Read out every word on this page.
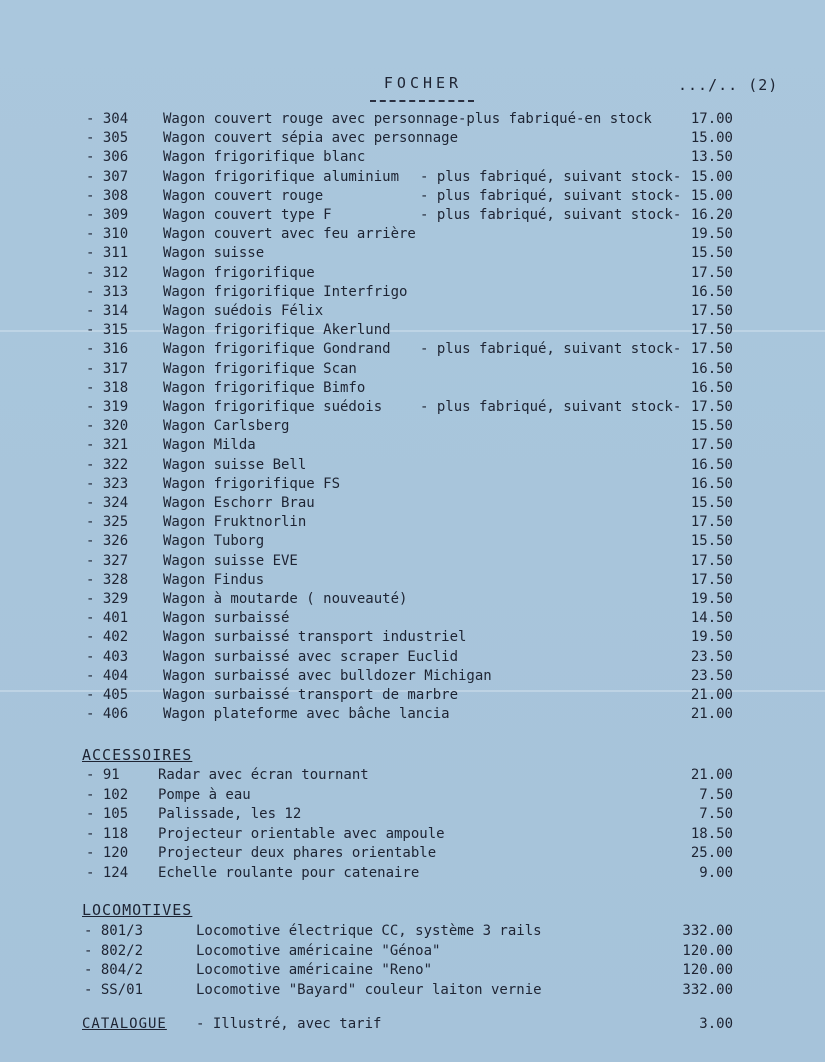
FOCHER	.../.. (2)
- 304 Wagon couvert rouge avec personnage-plus fabriqué-en stock	17.00
- 305 Wagon couvert sépia avec personnage	15.00
- 306 Wagon frigorifique blanc	13.50
- 307 Wagon frigorifique aluminium - plus fabriqué, suivant stock- 15.00
- 308 Wagon couvert rouge	- plus fabriqué, suivant stock- 15.00
- 309 Wagon couvert type F	- plus fabriqué, suivant stock- 16.20
- 310 Wagon couvert avec feu arrière	19.50
- 311 Wagon suisse	15.50
- 312 Wagon frigorifique	17.50
- 313 Wagon frigorifique Interfrigo	16.50
- 314 Wagon suédois Félix	17.50
- 315 Wagon frigorifique Akerlund	17.50
- 316 Wagon frigorifique Gondrand - plus fabriqué, suivant stock- 17.50
- 317 Wagon frigorifique Scan	16.50
- 318 Wagon frigorifique Bimfo	16.50
- 319 Wagon frigorifique suédois	- plus fabriqué, suivant stock- 17.50
- 320 Wagon Carlsberg	15.50
- 321 Wagon Milda	17.50
- 322 Wagon suisse Bell	16.50
- 323 Wagon frigorifique FS	16.50
- 324 Wagon Eschorr Brau	15.50
- 325 Wagon Fruktnorlin	17.50
- 326 Wagon Tuborg	15.50
- 327 Wagon suisse EVE	17.50
- 328 Wagon Findus	17.50
- 329 Wagon à moutarde ( nouveauté)	19.50
- 401 Wagon surbaissé	14.50
- 402 Wagon surbaissé transport industriel	19.50
- 403 Wagon surbaissé avec scraper Euclid	23.50
- 404 Wagon surbaissé avec bulldozer Michigan	23.50
- 405 Wagon surbaissé transport de marbre	21.00
- 406 Wagon plateforme avec bâche lancia	21.00
ACCESSOIRES
- 91	Radar avec écran tournant	21.00
- 102 Pompe à eau	7.50
- 105 Palissade, les 12	7.50
- 118 Projecteur orientable avec ampoule	18.50
- 120 Projecteur deux phares orientable	25.00
- 124 Echelle roulante pour catenaire	9.00
LOCOMOTIVES
- 801/3	Locomotive électrique CC, système 3 rails	332.00
- 802/2	Locomotive américaine "Génoa"	120.00
- 804/2	Locomotive américaine "Reno"	120.00
- SS/01	Locomotive "Bayard" couleur laiton vernie	332.00
CATALOGUE - Illustré, avec tarif	3.00
